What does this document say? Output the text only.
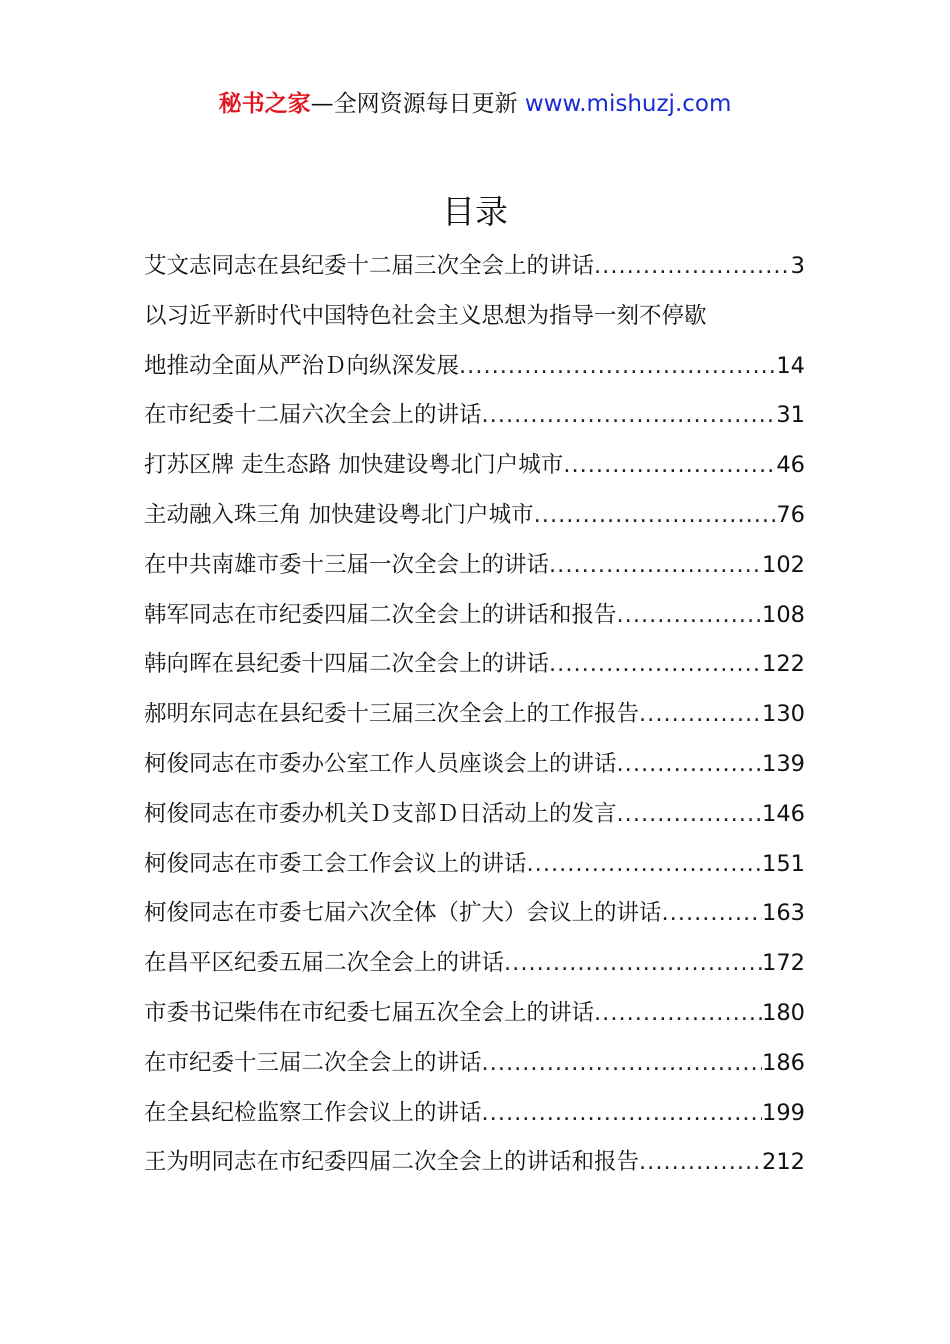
秘书之家—全网资源每日更新 www.mishuzj.com
目录
艾文志同志在县纪委十二届三次全会上的讲话 .....	3
以习近平新时代中国特色社会主义思想为指导一刻不停歇
地推动全面从严治Ｄ向纵深发展 .....	14
在市纪委十二届六次全会上的讲话 .....	31
打苏区牌 走生态路 加快建设粤北门户城市 .....	46
主动融入珠三角 加快建设粤北门户城市 .....	76
在中共南雄市委十三届一次全会上的讲话 .....	102
韩军同志在市纪委四届二次全会上的讲话和报告 .....	108
韩向晖在县纪委十四届二次全会上的讲话 .....	122
郝明东同志在县纪委十三届三次全会上的工作报告 .....	130
柯俊同志在市委办公室工作人员座谈会上的讲话 .....	139
柯俊同志在市委办机关Ｄ支部Ｄ日活动上的发言 .....	146
柯俊同志在市委工会工作会议上的讲话 .....	151
柯俊同志在市委七届六次全体（扩大）会议上的讲话 .....	163
在昌平区纪委五届二次全会上的讲话 .....	172
市委书记柴伟在市纪委七届五次全会上的讲话 .....	180
在市纪委十三届二次全会上的讲话 .....	186
在全县纪检监察工作会议上的讲话 .....	199
王为明同志在市纪委四届二次全会上的讲话和报告 .....	212
